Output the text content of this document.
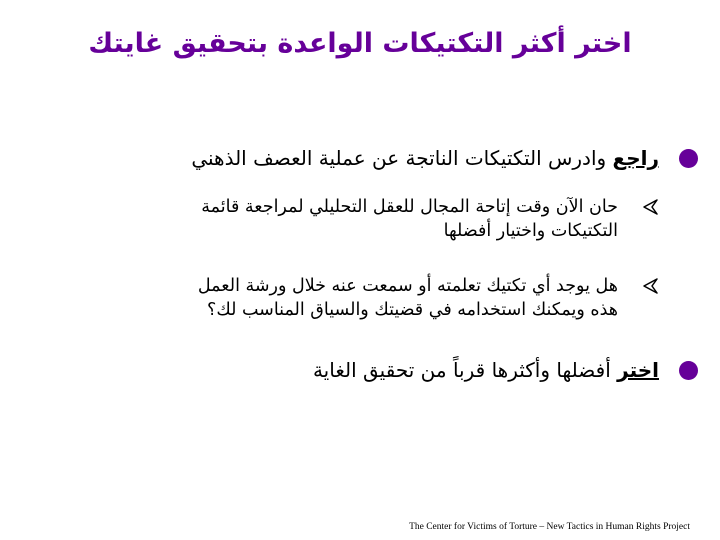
اختر أكثر التكتيكات الواعدة بتحقيق غايتك
راجع وادرس التكتيكات الناتجة عن عملية العصف الذهني
حان الآن وقت إتاحة المجال للعقل التحليلي لمراجعة قائمة
التكتيكات واختيار أفضلها
هل يوجد أي تكتيك تعلمته أو سمعت عنه خلال ورشة العمل
هذه ويمكنك استخدامه في قضيتك والسياق المناسب لك؟
اختر أفضلها وأكثرها قرباً من تحقيق الغاية
The Center for Victims of Torture – New Tactics in Human Rights Project
